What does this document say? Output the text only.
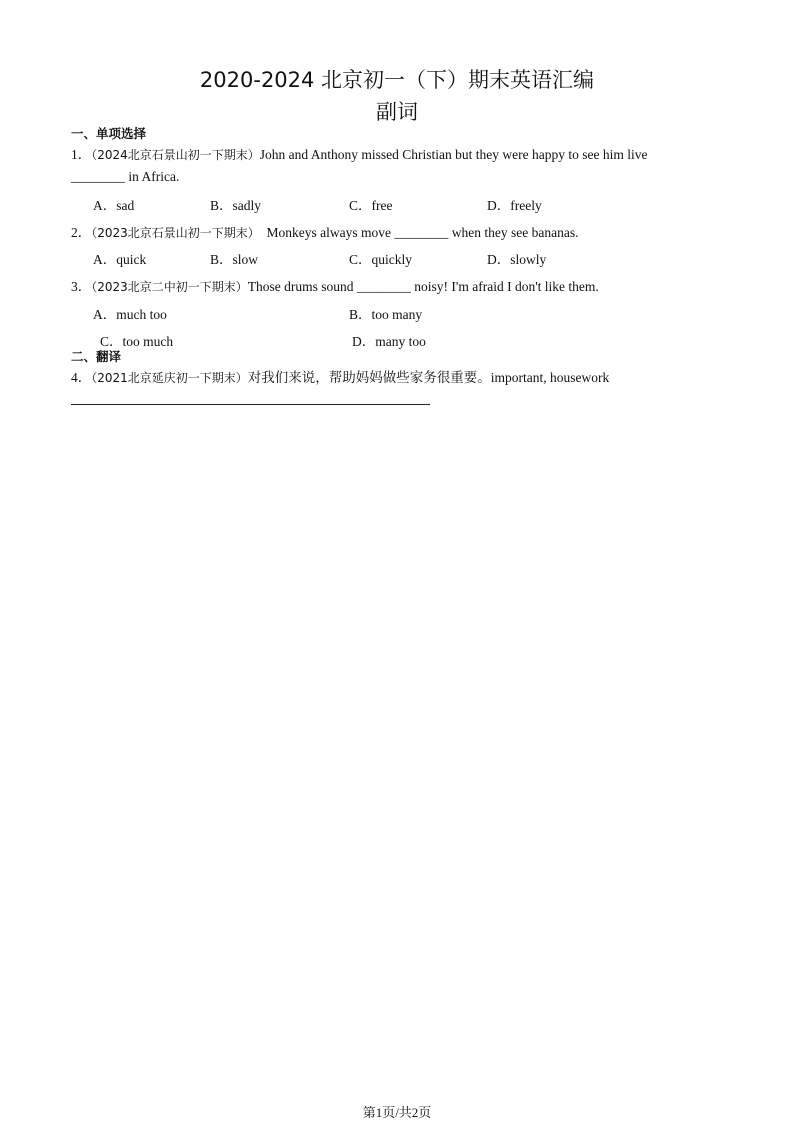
2020-2024 北京初一（下）期末英语汇编
副词
一、单项选择
1．（2024北京石景山初一下期末）John and Anthony missed Christian but they were happy to see him live
________ in Africa.
A．sad	B．sadly	C．free	D．freely
2．（2023北京石景山初一下期末） Monkeys always move ________ when they see bananas.
A．quick	B．slow	C．quickly	D．slowly
3．（2023北京二中初一下期末）Those drums sound ________ noisy! I'm afraid I don't like them.
A．much too	B．too many
C．too much	D．many too
二、翻译
4．（2021北京延庆初一下期末）对我们来说，帮助妈妈做些家务很重要。important, housework
第1页/共2页
